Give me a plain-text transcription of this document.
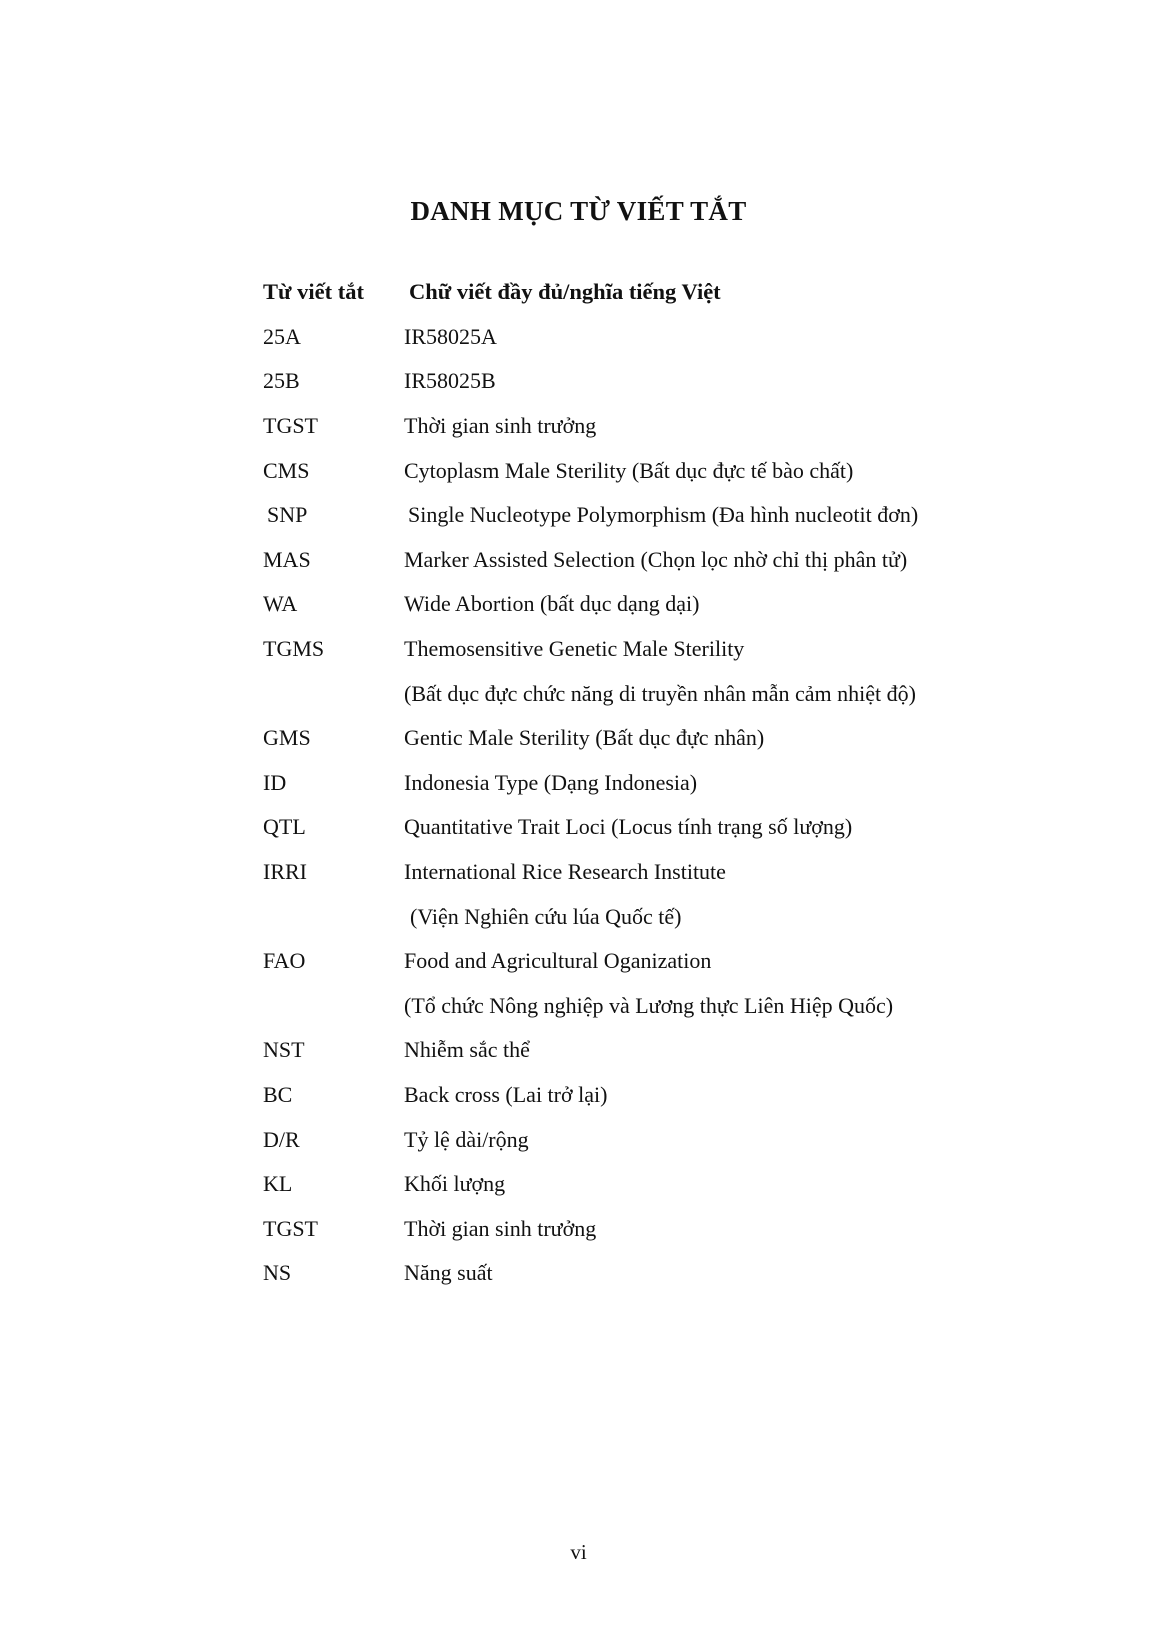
DANH MỤC TỪ VIẾT TẮT
Từ viết tắt	Chữ viết đầy đủ/nghĩa tiếng Việt
25A	IR58025A
25B	IR58025B
TGST	Thời gian sinh trưởng
CMS	Cytoplasm Male Sterility (Bất dục đực tế bào chất)
SNP	Single Nucleotype Polymorphism (Đa hình nucleotit đơn)
MAS	Marker Assisted Selection (Chọn lọc nhờ chỉ thị phân tử)
WA	Wide Abortion (bất dục dạng dại)
TGMS	Themosensitive Genetic Male Sterility
(Bất dục đực chức năng di truyền nhân mẫn cảm nhiệt độ)
GMS	Gentic Male Sterility (Bất dục đực nhân)
ID	Indonesia Type (Dạng Indonesia)
QTL	Quantitative Trait Loci (Locus tính trạng số lượng)
IRRI	International Rice Research Institute
(Viện Nghiên cứu lúa Quốc tế)
FAO	Food and Agricultural Oganization
(Tổ chức Nông nghiệp và Lương thực Liên Hiệp Quốc)
NST	Nhiễm sắc thể
BC	Back cross (Lai trở lại)
D/R	Tỷ lệ dài/rộng
KL	Khối lượng
TGST	Thời gian sinh trưởng
NS	Năng suất
vi
